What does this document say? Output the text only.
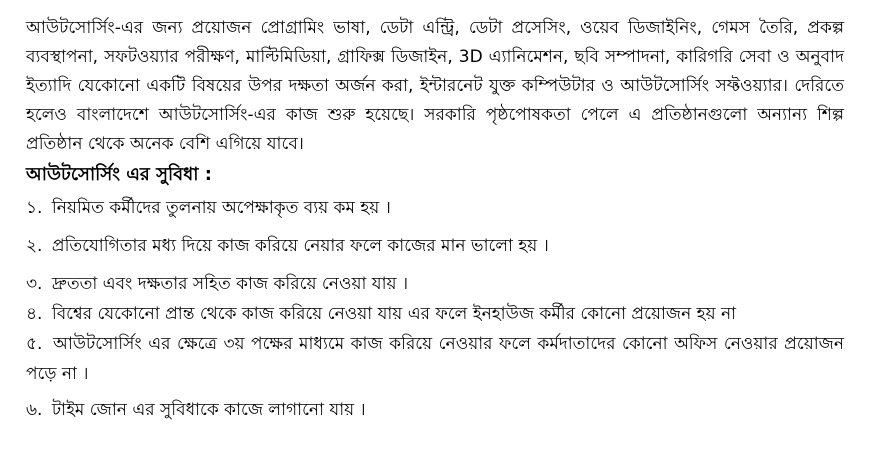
আউটসোর্সিং-এর জন্য প্রয়োজন প্রোগ্রামিং ভাষা, ডেটা এন্ট্রি, ডেটা প্রসেসিং, ওয়েব ডিজাইনিং, গেমস তৈরি, প্রকল্প ব্যবস্থাপনা, সফটওয়্যার পরীক্ষণ, মাল্টিমিডিয়া, গ্রাফিক্স ডিজাইন, 3D এ্যানিমেশন, ছবি সম্পাদনা, কারিগরি সেবা ও অনুবাদ ইত্যাদি যেকোনো একটি বিষয়ের উপর দক্ষতা অর্জন করা, ইন্টারনেট যুক্ত কম্পিউটার ও আউটসোর্সিং সফ্টওয়্যার। দেরিতে হলেও বাংলাদেশে আউটসোর্সিং-এর কাজ শুরু হয়েছে। সরকারি পৃষ্ঠপোষকতা পেলে এ প্রতিষ্ঠানগুলো অন্যান্য শিল্প প্রতিষ্ঠান থেকে অনেক বেশি এগিয়ে যাবে।

আউটসোর্সিং এর সুবিধা :

১. নিয়মিত কর্মীদের তুলনায় অপেক্ষাকৃত ব্যয় কম হয় ।

২. প্রতিযোগিতার মধ্য দিয়ে কাজ করিয়ে নেয়ার ফলে কাজের মান ভালো হয় ।

৩. দ্রুততা এবং দক্ষতার সহিত কাজ করিয়ে নেওয়া যায় ।

৪. বিশ্বের যেকোনো প্রান্ত থেকে কাজ করিয়ে নেওয়া যায় এর ফলে ইনহাউজ কর্মীর কোনো প্রয়োজন হয় না

৫. আউটসোর্সিং এর ক্ষেত্রে ৩য় পক্ষের মাধ্যমে কাজ করিয়ে নেওয়ার ফলে কর্মদাতাদের কোনো অফিস নেওয়ার প্রয়োজন পড়ে না ।

৬. টাইম জোন এর সুবিধাকে কাজে লাগানো যায় ।
